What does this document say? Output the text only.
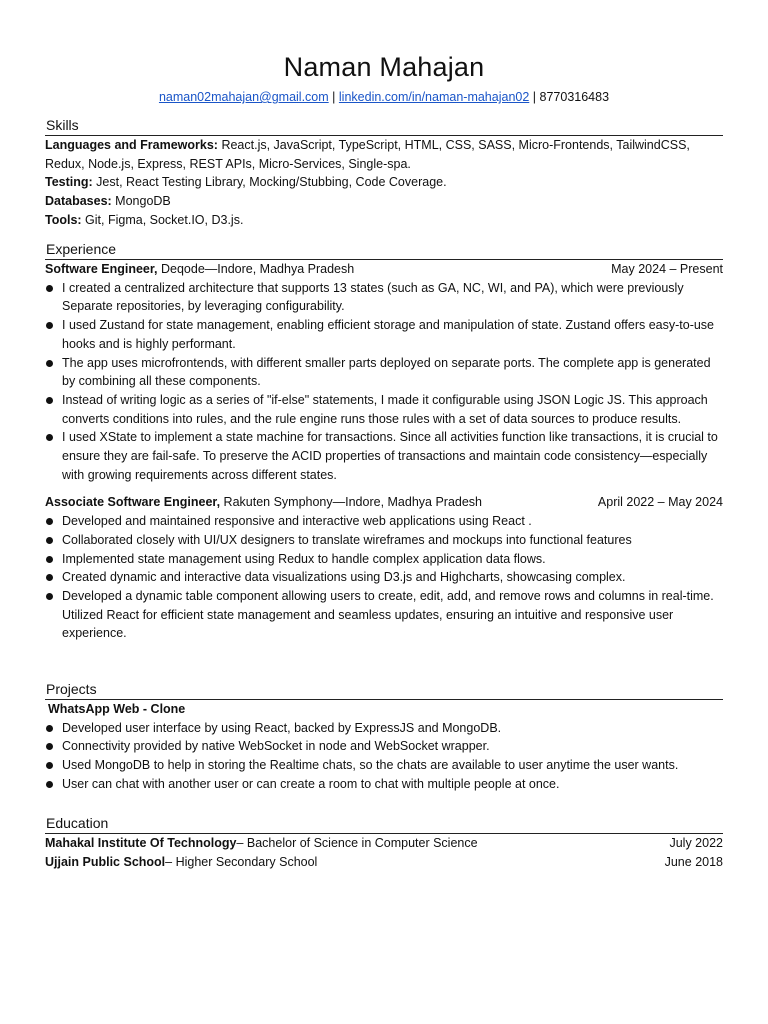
Naman Mahajan
naman02mahajan@gmail.com | linkedin.com/in/naman-mahajan02 | 8770316483
Skills
Languages and Frameworks: React.js, JavaScript, TypeScript, HTML, CSS, SASS, Micro-Frontends, TailwindCSS, Redux, Node.js, Express, REST APIs, Micro-Services, Single-spa.
Testing: Jest, React Testing Library, Mocking/Stubbing, Code Coverage.
Databases: MongoDB
Tools: Git, Figma, Socket.IO, D3.js.
Experience
Software Engineer, Deqode—Indore, Madhya Pradesh	May 2024 – Present
I created a centralized architecture that supports 13 states (such as GA, NC, WI, and PA), which were previously Separate repositories, by leveraging configurability.
I used Zustand for state management, enabling efficient storage and manipulation of state. Zustand offers easy-to-use hooks and is highly performant.
The app uses microfrontends, with different smaller parts deployed on separate ports. The complete app is generated by combining all these components.
Instead of writing logic as a series of "if-else" statements, I made it configurable using JSON Logic JS. This approach converts conditions into rules, and the rule engine runs those rules with a set of data sources to produce results.
I used XState to implement a state machine for transactions. Since all activities function like transactions, it is crucial to ensure they are fail-safe. To preserve the ACID properties of transactions and maintain code consistency—especially with growing requirements across different states.
Associate Software Engineer, Rakuten Symphony—Indore, Madhya Pradesh	April 2022 – May 2024
Developed and maintained responsive and interactive web applications using React .
Collaborated closely with UI/UX designers to translate wireframes and mockups into functional features
Implemented state management using Redux to handle complex application data flows.
Created dynamic and interactive data visualizations using D3.js and Highcharts, showcasing complex.
Developed a dynamic table component allowing users to create, edit, add, and remove rows and columns in real-time. Utilized React for efficient state management and seamless updates, ensuring an intuitive and responsive user experience.
Projects
WhatsApp Web - Clone
Developed user interface by using React, backed by ExpressJS and MongoDB.
Connectivity provided by native WebSocket in node and WebSocket wrapper.
Used MongoDB to help in storing the Realtime chats, so the chats are available to user anytime the user wants.
User can chat with another user or can create a room to chat with multiple people at once.
Education
Mahakal Institute Of Technology– Bachelor of Science in Computer Science	July 2022
Ujjain Public School– Higher Secondary School	June 2018
